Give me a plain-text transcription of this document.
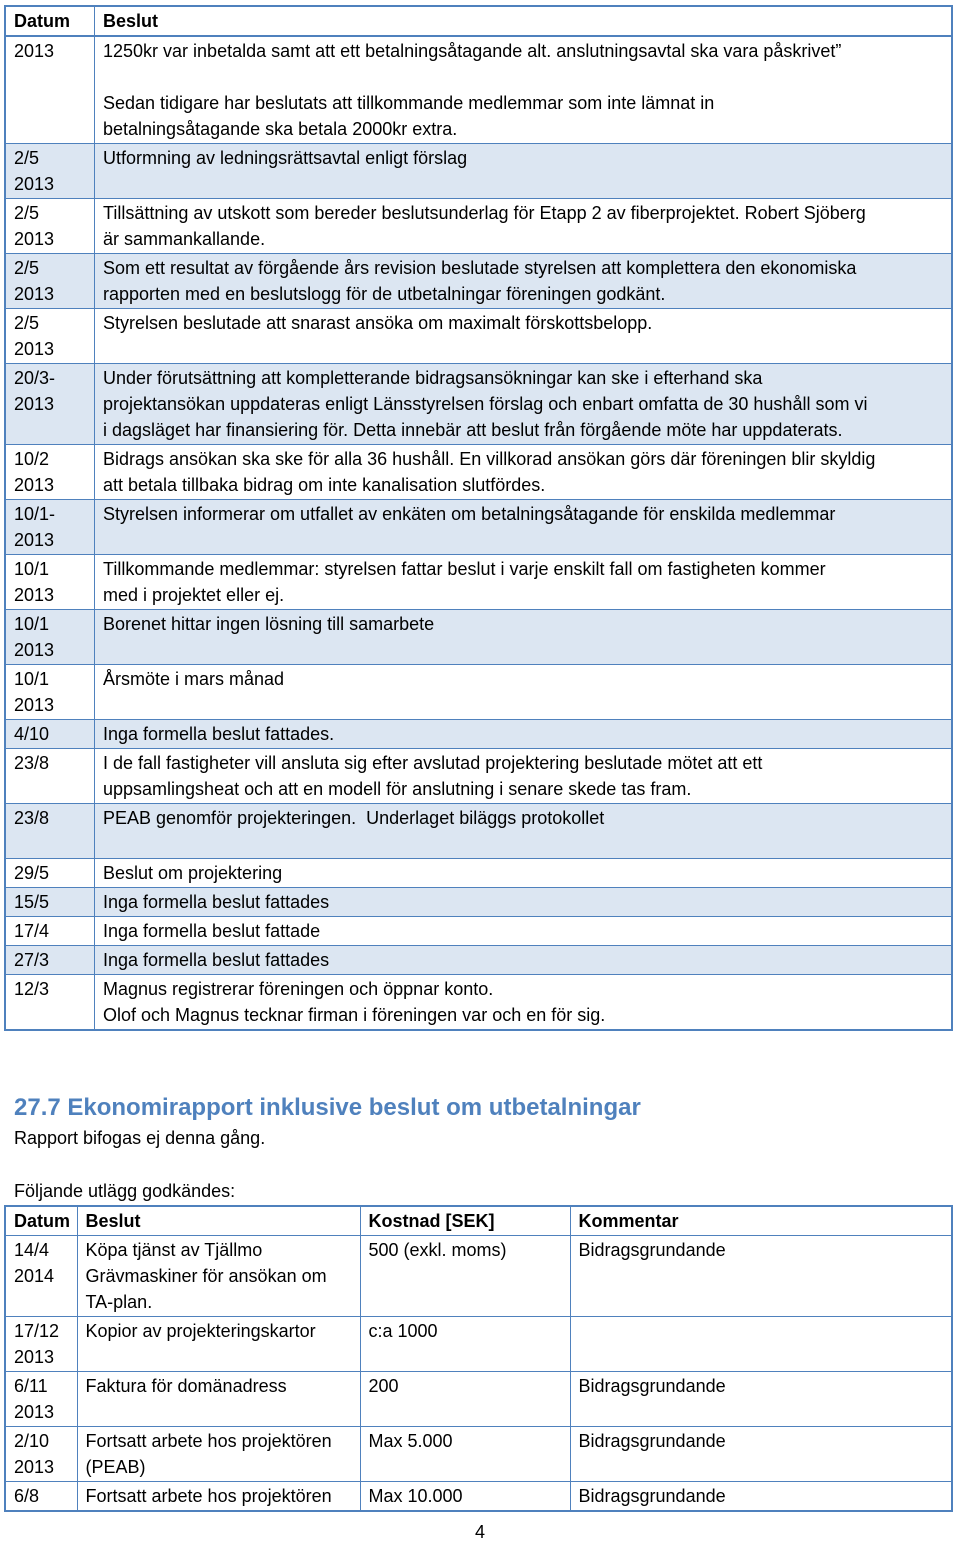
Datum	Beslut

2013	1250kr var inbetalda samt att ett betalningsåtagande alt. anslutningsavtal ska vara påskrivet”

Sedan tidigare har beslutats att tillkommande medlemmar som inte lämnat in
betalningsåtagande ska betala 2000kr extra.

2/5
2013	Utformning av ledningsrättsavtal enligt förslag

2/5
2013	Tillsättning av utskott som bereder beslutsunderlag för Etapp 2 av fiberprojektet. Robert Sjöberg
är sammankallande.

2/5
2013	Som ett resultat av förgående års revision beslutade styrelsen att komplettera den ekonomiska
rapporten med en beslutslogg för de utbetalningar föreningen godkänt.

2/5
2013	Styrelsen beslutade att snarast ansöka om maximalt förskottsbelopp.

20/3-
2013	Under förutsättning att kompletterande bidragsansökningar kan ske i efterhand ska
projektansökan uppdateras enligt Länsstyrelsen förslag och enbart omfatta de 30 hushåll som vi
i dagsläget har finansiering för. Detta innebär att beslut från förgående möte har uppdaterats.

10/2
2013	Bidrags ansökan ska ske för alla 36 hushåll. En villkorad ansökan görs där föreningen blir skyldig
att betala tillbaka bidrag om inte kanalisation slutfördes.

10/1-
2013	Styrelsen informerar om utfallet av enkäten om betalningsåtagande för enskilda medlemmar

10/1
2013	Tillkommande medlemmar: styrelsen fattar beslut i varje enskilt fall om fastigheten kommer
med i projektet eller ej.

10/1
2013	Borenet hittar ingen lösning till samarbete

10/1
2013	Årsmöte i mars månad

4/10	Inga formella beslut fattades.

23/8	I de fall fastigheter vill ansluta sig efter avslutad projektering beslutade mötet att ett
uppsamlingsheat och att en modell för anslutning i senare skede tas fram.

23/8	PEAB genomför projekteringen.  Underlaget biläggs protokollet

29/5	Beslut om projektering

15/5	Inga formella beslut fattades

17/4	Inga formella beslut fattade

27/3	Inga formella beslut fattades

12/3	Magnus registrerar föreningen och öppnar konto.
Olof och Magnus tecknar firman i föreningen var och en för sig.
27.7 Ekonomirapport inklusive beslut om utbetalningar

Rapport bifogas ej denna gång.

Följande utlägg godkändes:

Datum	Beslut	Kostnad [SEK]	Kommentar

14/4
2014	Köpa tjänst av Tjällmo
Grävmaskiner för ansökan om
TA-plan.	500 (exkl. moms)	Bidragsgrundande

17/12
2013	Kopior av projekteringskartor	c:a 1000	

6/11
2013	Faktura för domänadress	200	Bidragsgrundande

2/10
2013	Fortsatt arbete hos projektören
(PEAB)	Max 5.000	Bidragsgrundande

6/8	Fortsatt arbete hos projektören	Max 10.000	Bidragsgrundande
4
